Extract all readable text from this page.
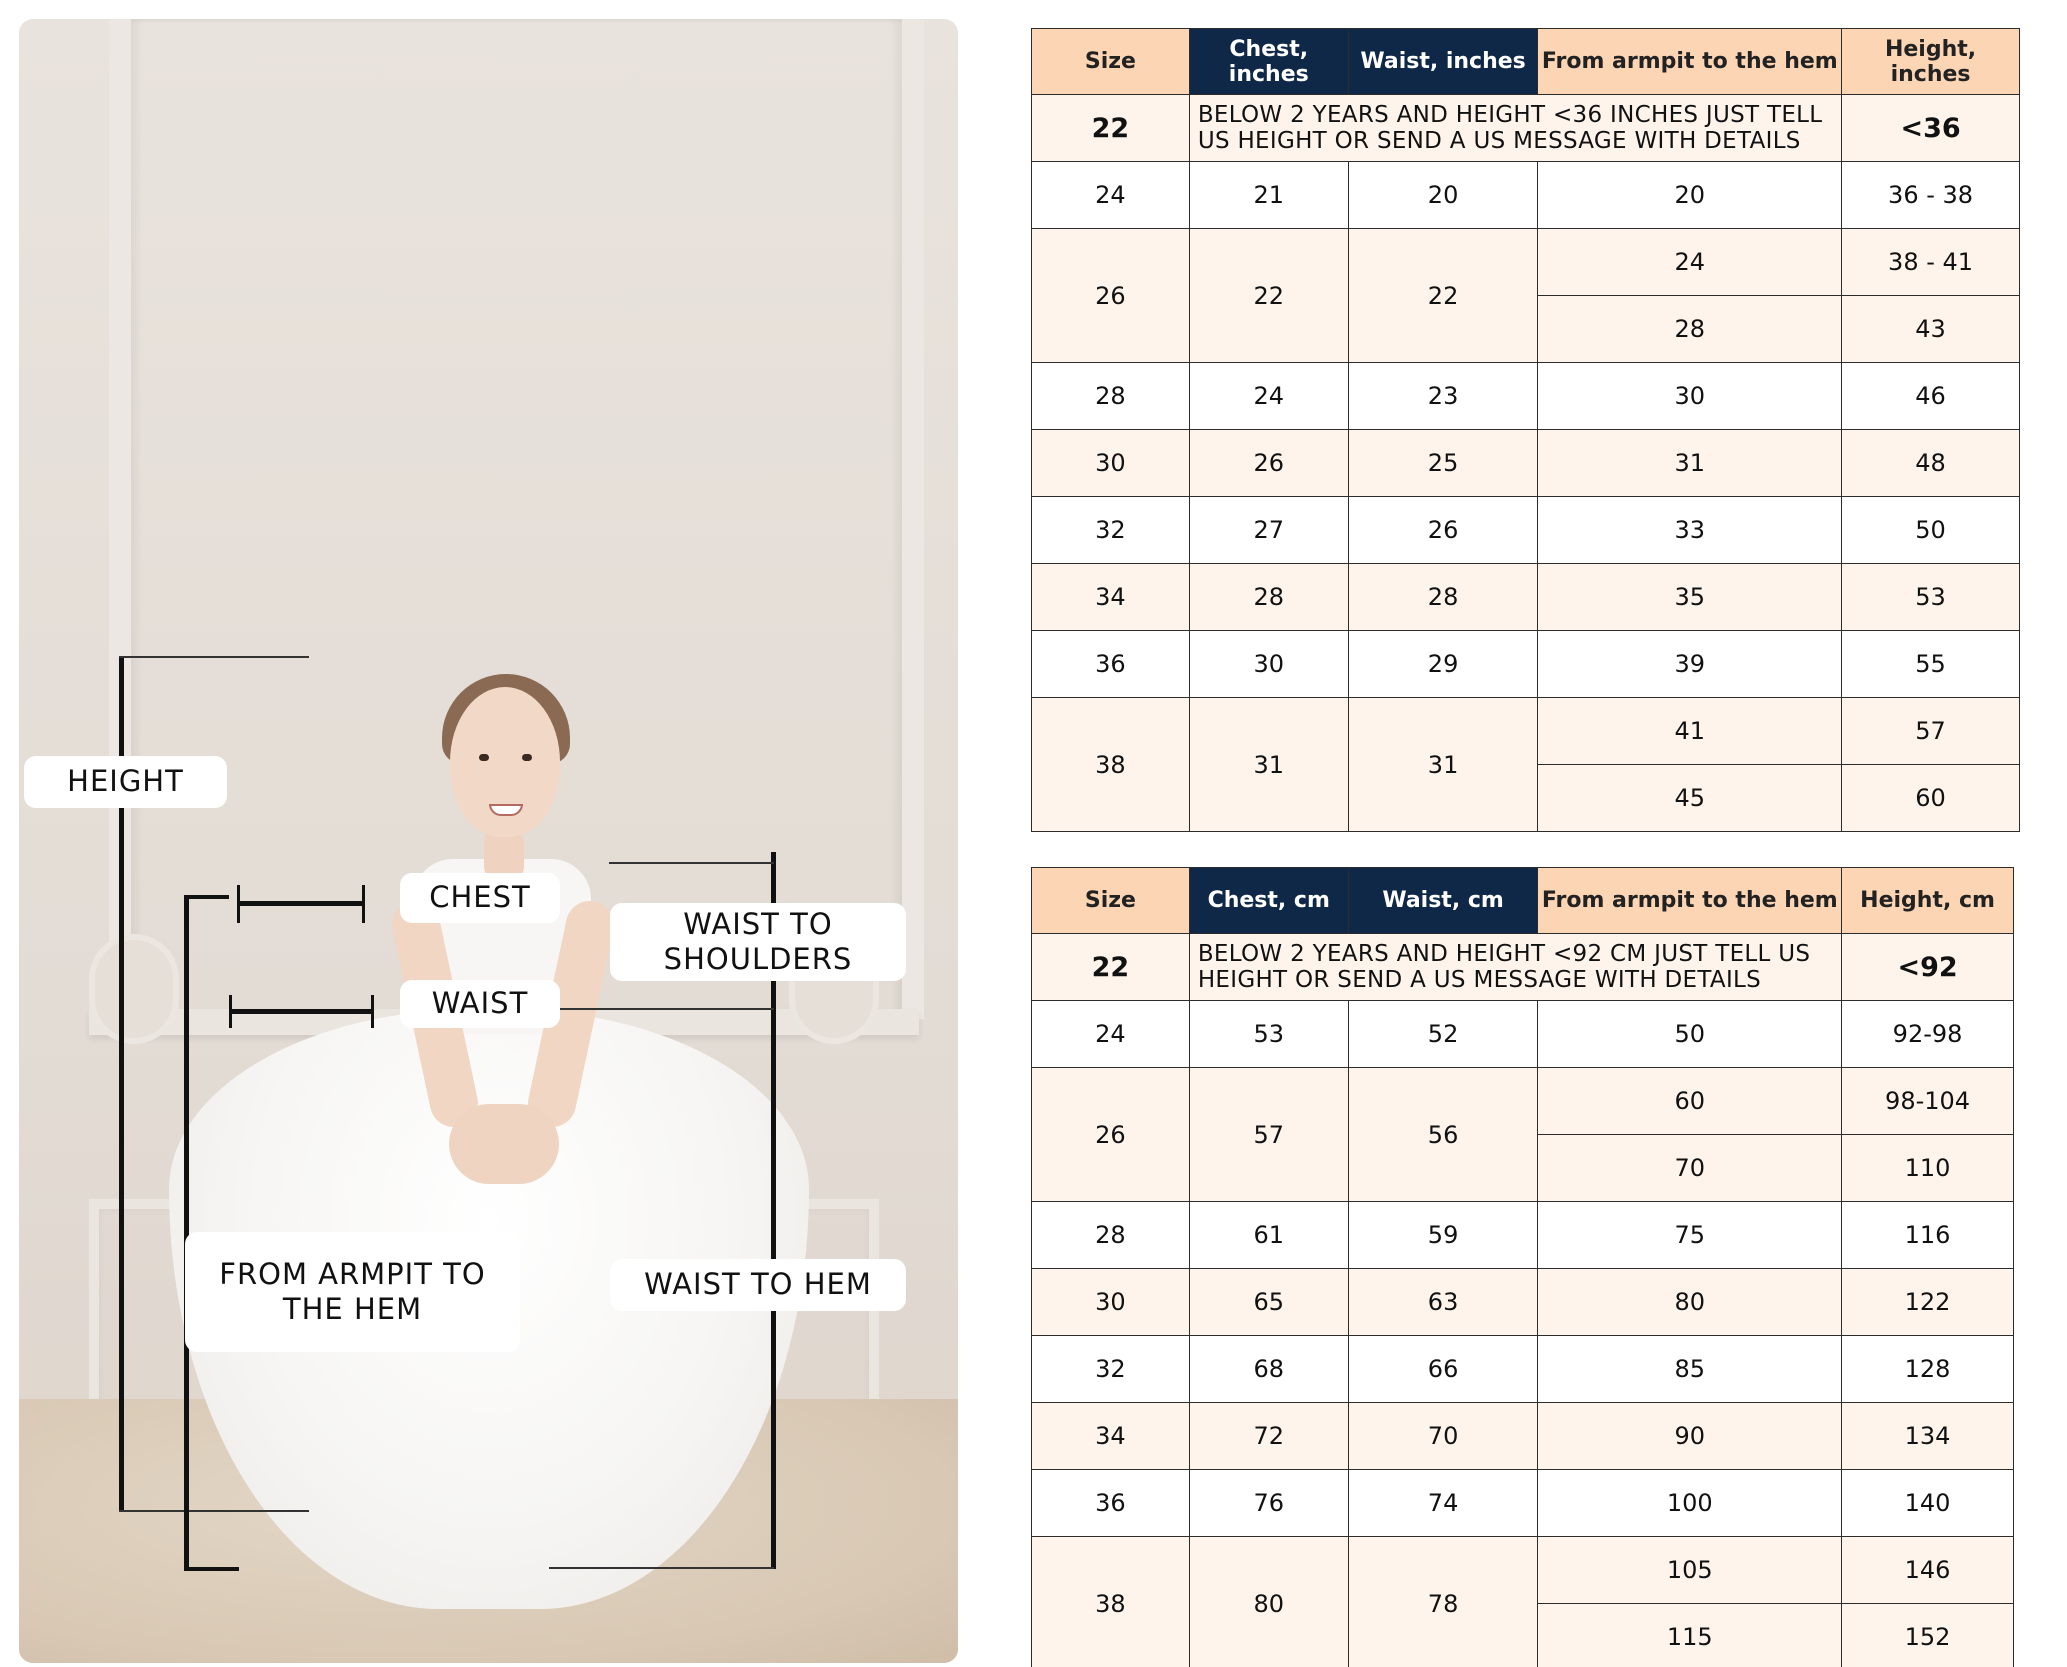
HEIGHT
CHEST
WAIST
WAIST TO
SHOULDERS
FROM ARMPIT TO
THE HEM
WAIST TO HEM
Size	Chest, inches	Waist, inches	From armpit to the hem	Height, inches
22	BELOW 2 YEARS AND HEIGHT <36 INCHES JUST TELL US HEIGHT OR SEND A US MESSAGE WITH DETAILS			<36
24	21	20	20	36 - 38
26	22	22	24	38 - 41
			28	43
28	24	23	30	46
30	26	25	31	48
32	27	26	33	50
34	28	28	35	53
36	30	29	39	55
38	31	31	41	57
			45	60
Size	Chest, cm	Waist, cm	From armpit to the hem	Height, cm
22	BELOW 2 YEARS AND HEIGHT <92 CM JUST TELL US HEIGHT OR SEND A US MESSAGE WITH DETAILS			<92
24	53	52	50	92-98
26	57	56	60	98-104
			70	110
28	61	59	75	116
30	65	63	80	122
32	68	66	85	128
34	72	70	90	134
36	76	74	100	140
38	80	78	105	146
			115	152
